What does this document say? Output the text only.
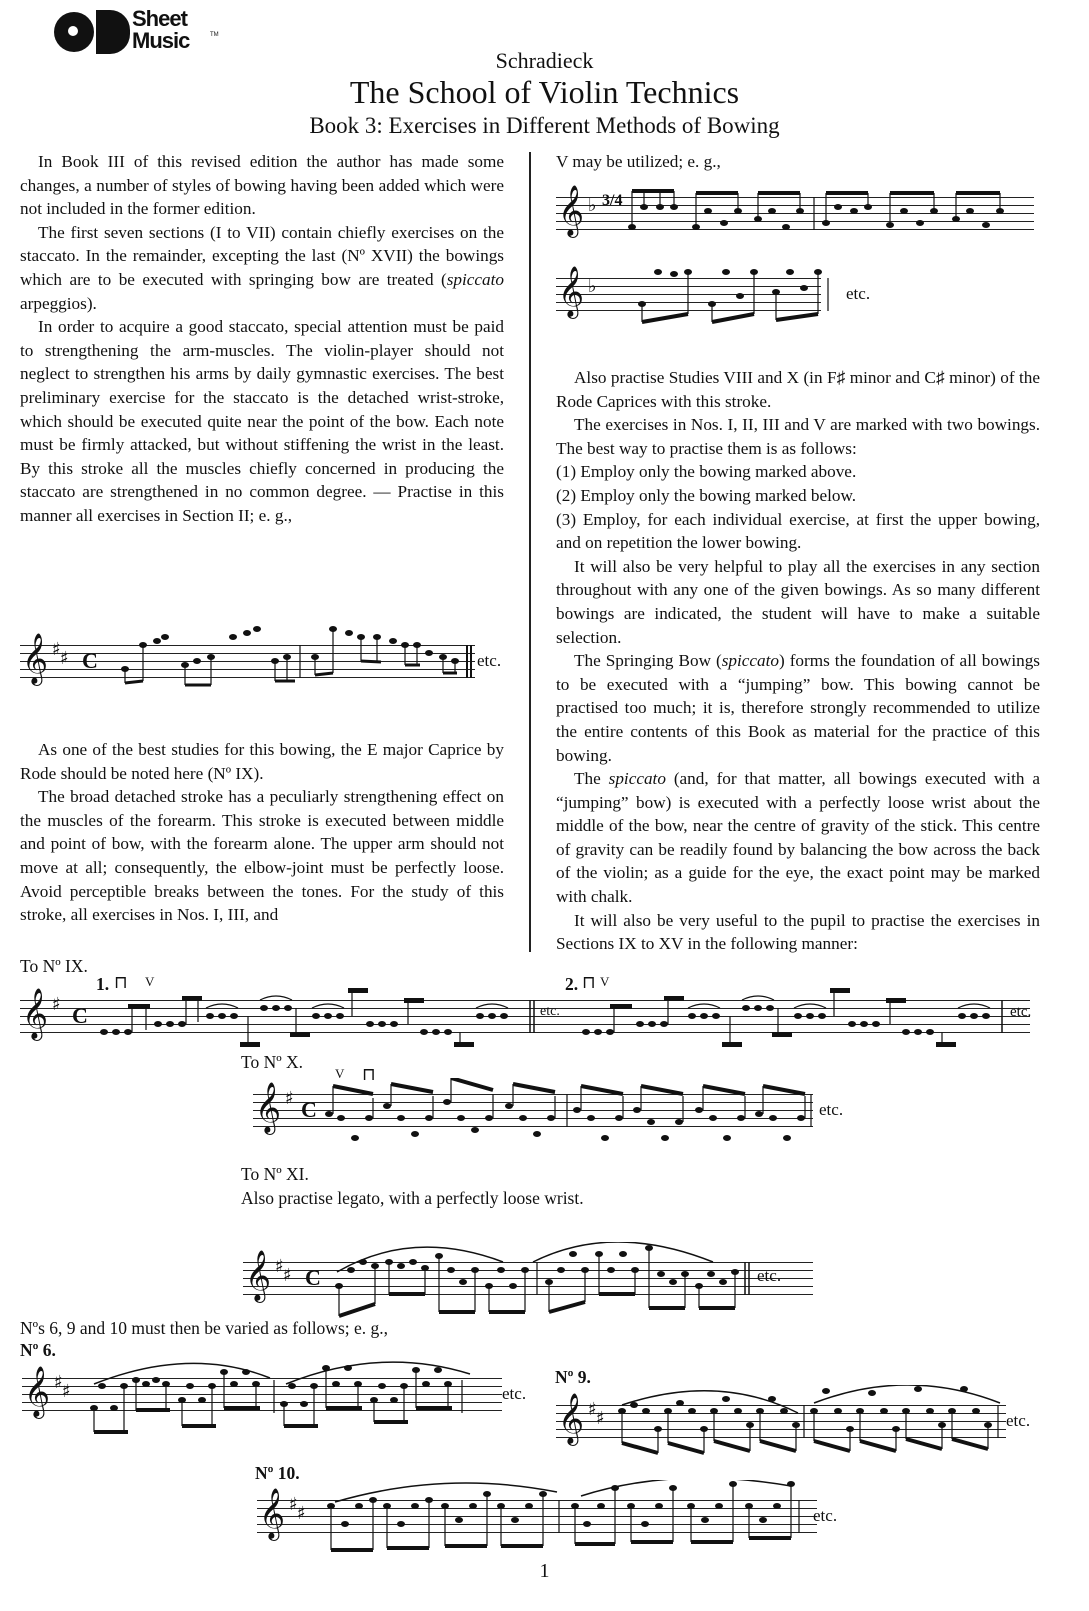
Sheet
Music	TM
Schradieck
The School of Violin Technics
Book 3: Exercises in Different Methods of Bowing

In Book III of this revised edition the author has made some changes, a number of styles of bowing having been added which were not included in the former edition.

The first seven sections (I to VII) contain chiefly exercises on the staccato. In the remainder, excepting the last (Nº XVII) the bowings which are to be executed with springing bow are treated (spiccato arpeggios).

In order to acquire a good staccato, special attention must be paid to strengthening the arm-muscles. The violin-player should not neglect to strengthen his arms by daily gymnastic exercises. The best preliminary exercise for the staccato is the detached wrist-stroke, which should be executed quite near the point of the bow. Each note must be firmly attacked, but without stiffening the wrist in the least. By this stroke all the muscles chiefly concerned in producing the staccato are strengthened in no common degree. — Practise in this manner all exercises in Section II; e. g.,

𝄞 ♯ ♯ C	etc.

As one of the best studies for this bowing, the E major Caprice by Rode should be noted here (Nº IX).

The broad detached stroke has a peculiarly strengthening effect on the muscles of the forearm. This stroke is executed between middle and point of bow, with the forearm alone. The upper arm should not move at all; consequently, the elbow-joint must be perfectly loose. Avoid perceptible breaks between the tones. For the study of this stroke, all exercises in Nos. I, III, and

V may be utilized; e. g.,

𝄞 ♭ 3/4
𝄞 ♭	etc.

Also practise Studies VIII and X (in F♯ minor and C♯ minor) of the Rode Caprices with this stroke.

The exercises in Nos. I, II, III and V are marked with two bowings. The best way to practise them is as follows:

(1) Employ only the bowing marked above.

(2) Employ only the bowing marked below.

(3) Employ, for each individual exercise, at first the upper bowing, and on repetition the lower bowing.

It will also be very helpful to play all the exercises in any section throughout with any one of the given bowings. As so many different bowings are indicated, the student will have to make a suitable selection.

The Springing Bow (spiccato) forms the foundation of all bowings to be executed with a “jumping” bow. This bowing cannot be practised too much; it is, therefore strongly recommended to utilize the entire contents of this Book as material for the practice of this bowing.

The spiccato (and, for that matter, all bowings executed with a “jumping” bow) is executed with a perfectly loose wrist about the middle of the bow, near the centre of gravity of the stick. This centre of gravity can be readily found by balancing the bow across the back of the violin; as a guide for the eye, the exact point may be marked with chalk.

It will also be very useful to the pupil to practise the exercises in Sections IX to XV in the following manner:

To Nº IX.
1. ⊓ V	2. ⊓ V
𝄞 ♯ C	etc.	etc.
To Nº X.
V ⊓
𝄞 ♯ C	etc.
To Nº XI.
Also practise legato, with a perfectly loose wrist.
𝄞 ♯ ♯ C	etc.
Nºs 6, 9 and 10 must then be varied as follows; e. g.,
Nº 6.
𝄞 ♯ ♯	etc.
Nº 9.
𝄞 ♯ ♯	etc.
Nº 10.
𝄞 ♯ ♯	etc.
1
